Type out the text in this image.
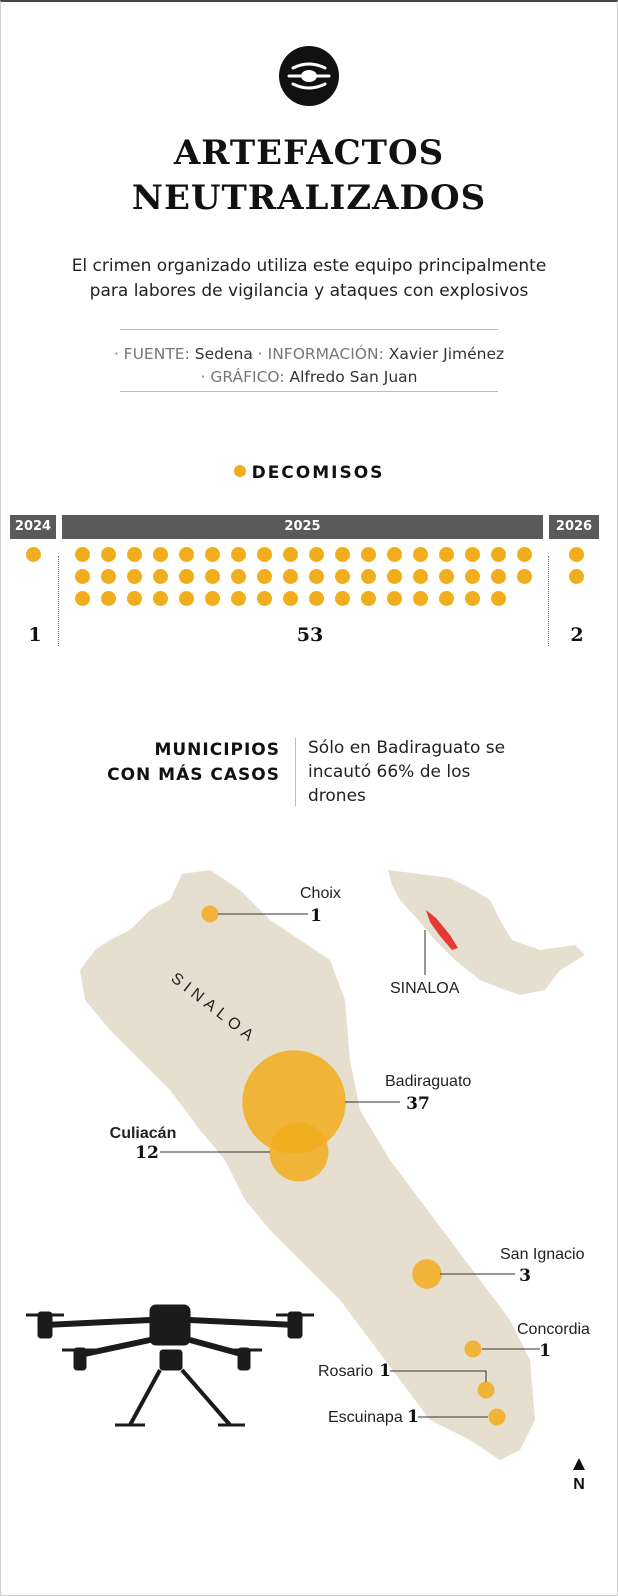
ARTEFACTOS
NEUTRALIZADOS
El crimen organizado utiliza este equipo principalmente para labores de vigilancia y ataques con explosivos
· FUENTE: Sedena · INFORMACIÓN: Xavier Jiménez
· GRÁFICO: Alfredo San Juan
DECOMISOS
2024	2025	2026
1	53	2
MUNICIPIOS
CON MÁS CASOS
Sólo en Badiraguato se incautó 66% de los drones
SINALOA	SINALOA
Choix
1
Badiraguato
37
Culiacán
12
San Ignacio
3
Concordia
1
Rosario 1
Escuinapa 1
N
